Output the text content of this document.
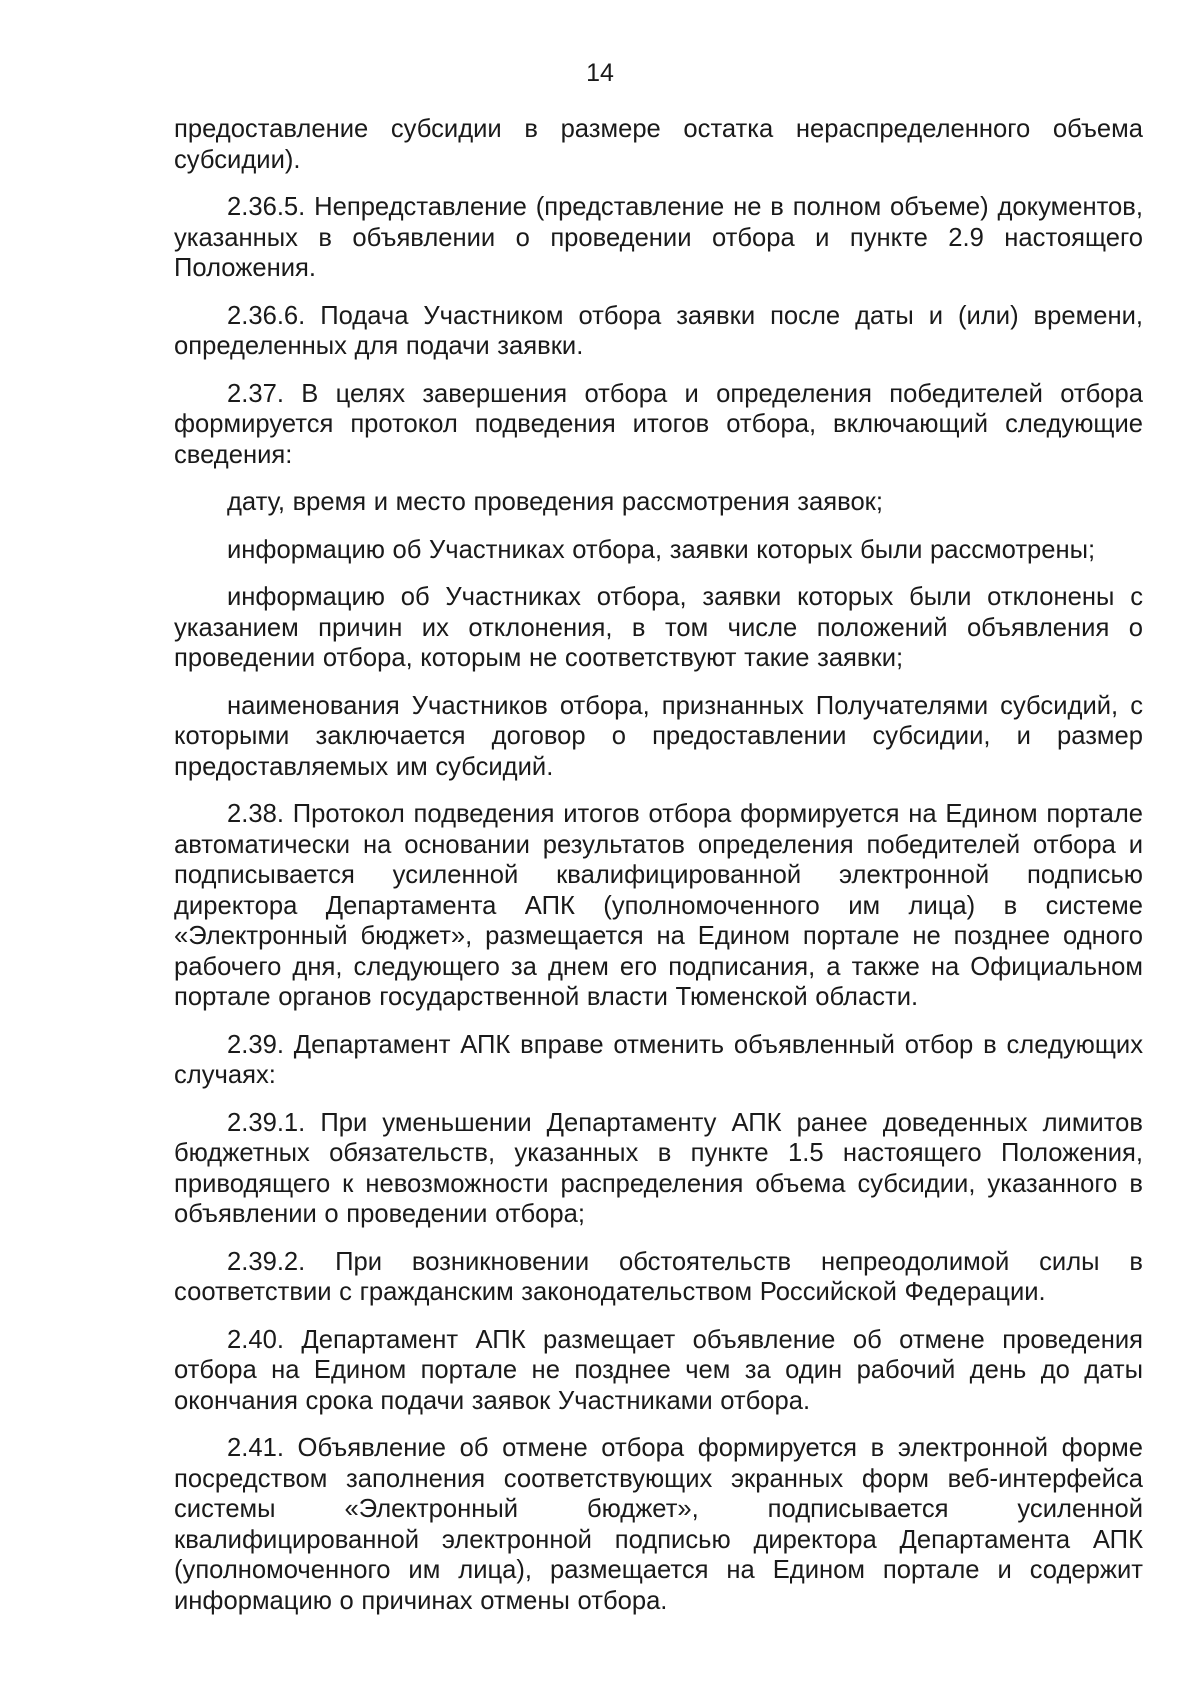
14

предоставление субсидии в размере остатка нераспределенного объема субсидии).

2.36.5. Непредставление (представление не в полном объеме) документов, указанных в объявлении о проведении отбора и пункте 2.9 настоящего Положения.

2.36.6. Подача Участником отбора заявки после даты и (или) времени, определенных для подачи заявки.

2.37. В целях завершения отбора и определения победителей отбора формируется протокол подведения итогов отбора, включающий следующие сведения:

дату, время и место проведения рассмотрения заявок;

информацию об Участниках отбора, заявки которых были рассмотрены;

информацию об Участниках отбора, заявки которых были отклонены с указанием причин их отклонения, в том числе положений объявления о проведении отбора, которым не соответствуют такие заявки;

наименования Участников отбора, признанных Получателями субсидий, с которыми заключается договор о предоставлении субсидии, и размер предоставляемых им субсидий.

2.38. Протокол подведения итогов отбора формируется на Едином портале автоматически на основании результатов определения победителей отбора и подписывается усиленной квалифицированной электронной подписью директора Департамента АПК (уполномоченного им лица) в системе «Электронный бюджет», размещается на Едином портале не позднее одного рабочего дня, следующего за днем его подписания, а также на Официальном портале органов государственной власти Тюменской области.

2.39. Департамент АПК вправе отменить объявленный отбор в следующих случаях:

2.39.1. При уменьшении Департаменту АПК ранее доведенных лимитов бюджетных обязательств, указанных в пункте 1.5 настоящего Положения, приводящего к невозможности распределения объема субсидии, указанного в объявлении о проведении отбора;

2.39.2. При возникновении обстоятельств непреодолимой силы в соответствии с гражданским законодательством Российской Федерации.

2.40. Департамент АПК размещает объявление об отмене проведения отбора на Едином портале не позднее чем за один рабочий день до даты окончания срока подачи заявок Участниками отбора.

2.41. Объявление об отмене отбора формируется в электронной форме посредством заполнения соответствующих экранных форм веб-интерфейса системы «Электронный бюджет», подписывается усиленной квалифицированной электронной подписью директора Департамента АПК (уполномоченного им лица), размещается на Едином портале и содержит информацию о причинах отмены отбора.
